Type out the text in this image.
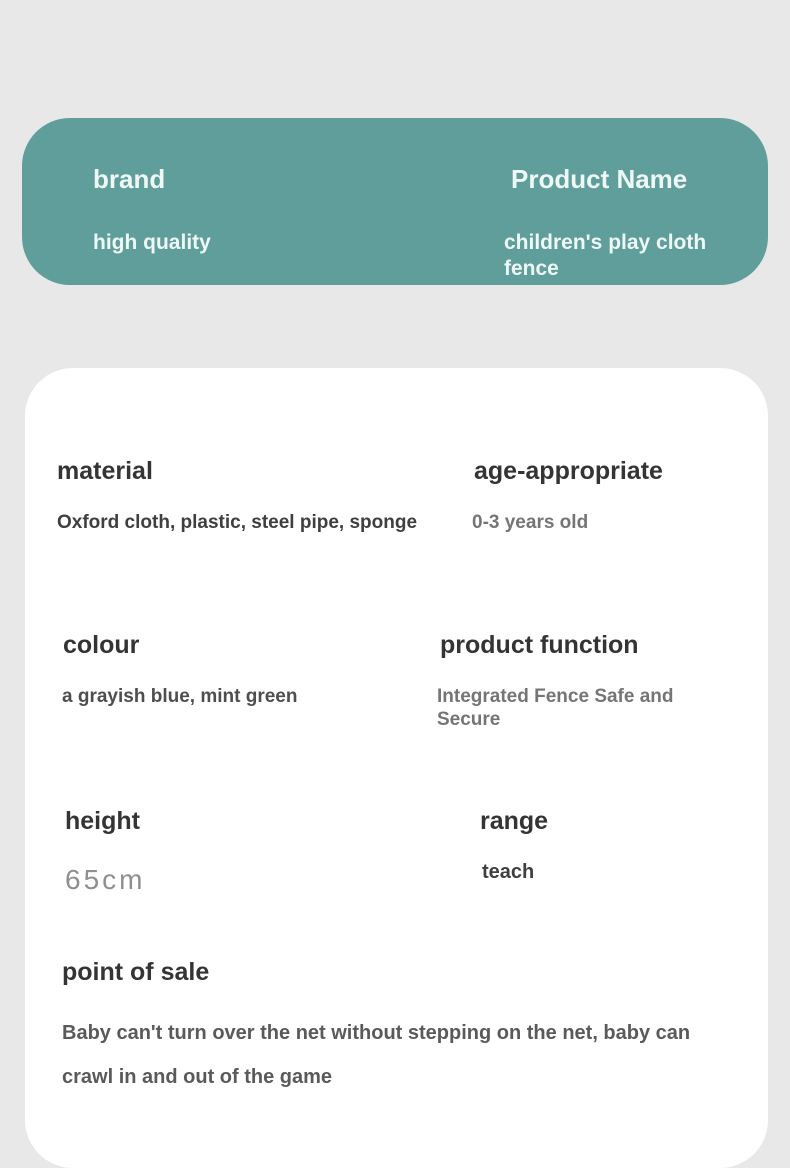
brand
high quality
Product Name
children's play cloth fence
material
Oxford cloth, plastic, steel pipe, sponge
age-appropriate
0-3 years old
colour
a grayish blue, mint green
product function
Integrated Fence Safe and Secure
height
65cm
range
teach
point of sale
Baby can't turn over the net without stepping on the net, baby can crawl in and out of the game
